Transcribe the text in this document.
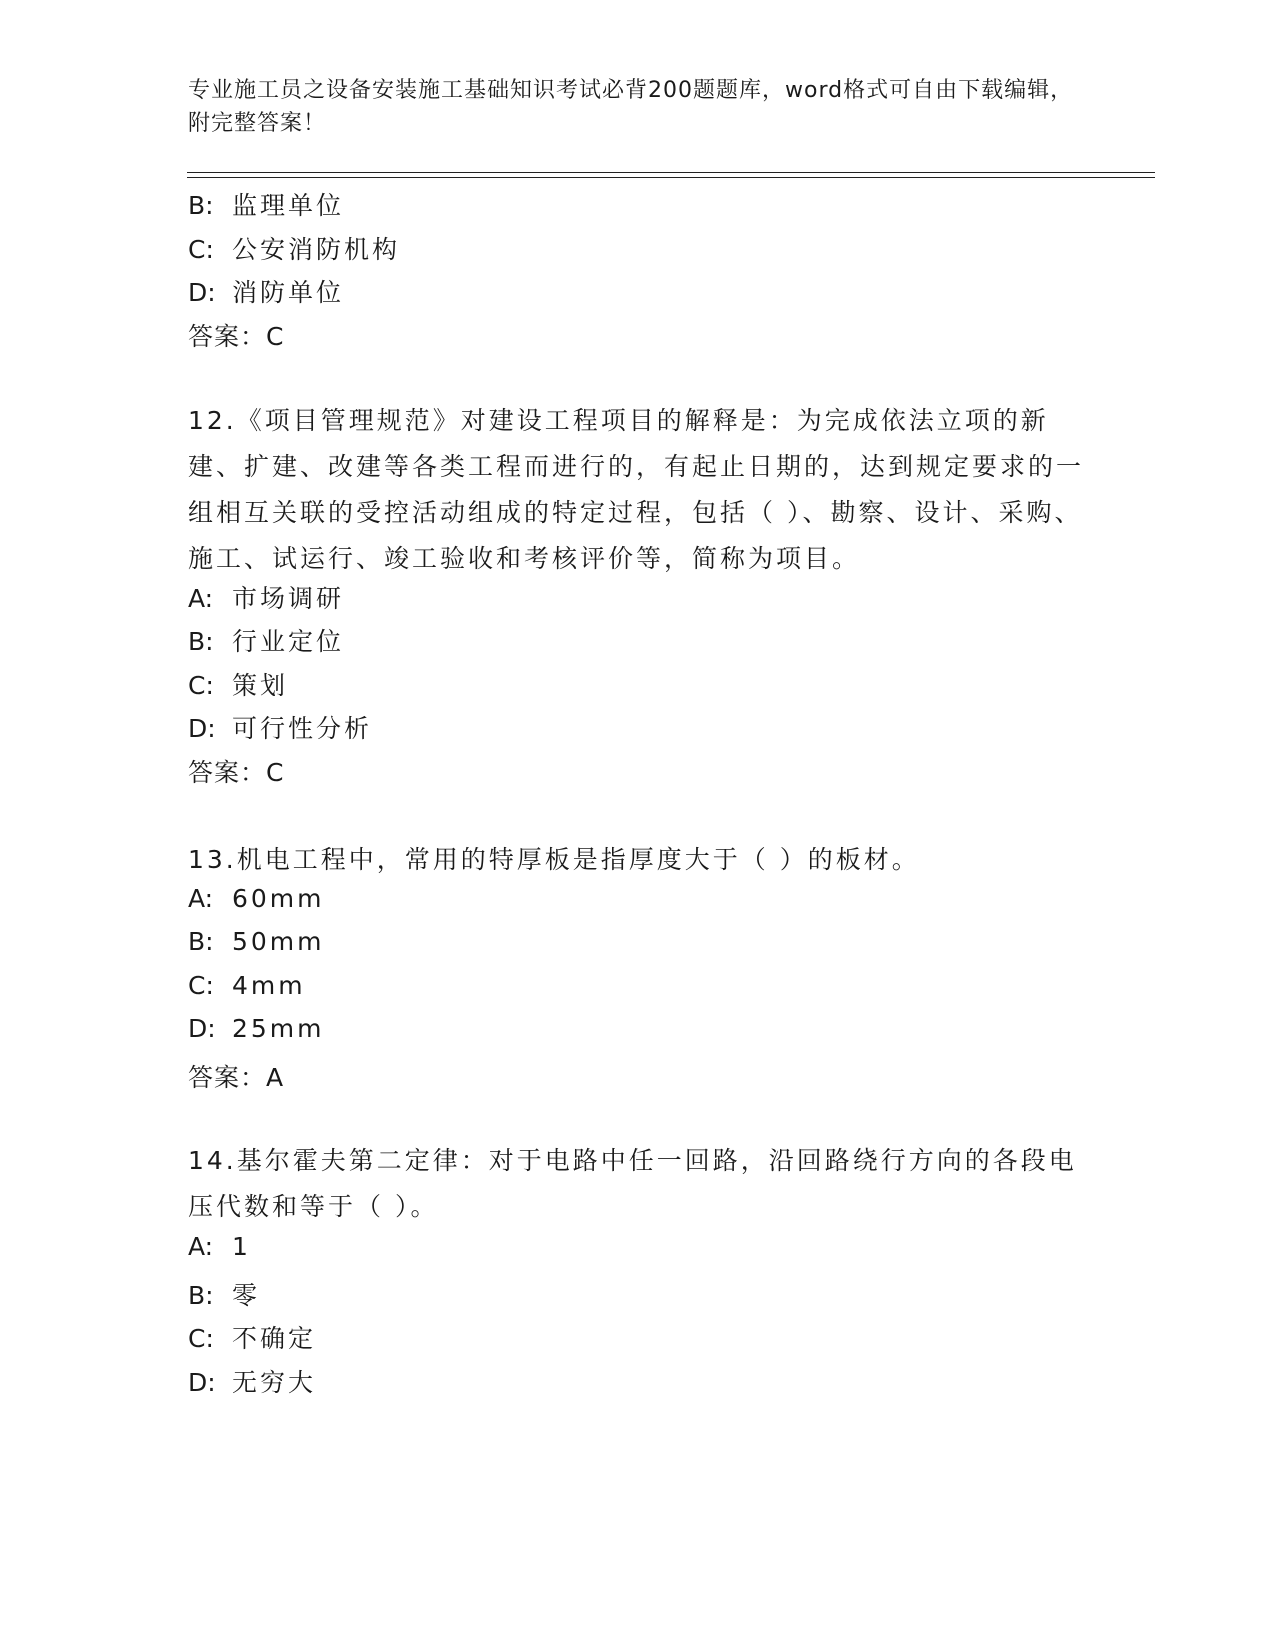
专业施工员之设备安装施工基础知识考试必背200题题库，word格式可自由下载编辑，附完整答案！
B: 监理单位
C: 公安消防机构
D: 消防单位
答案：C
12.《项目管理规范》对建设工程项目的解释是：为完成依法立项的新建、扩建、改建等各类工程而进行的，有起止日期的，达到规定要求的一组相互关联的受控活动组成的特定过程，包括（ ）、勘察、设计、采购、施工、试运行、竣工验收和考核评价等，简称为项目。
A: 市场调研
B: 行业定位
C: 策划
D: 可行性分析
答案：C
13.机电工程中，常用的特厚板是指厚度大于（ ）的板材。
A: 60mm
B: 50mm
C: 4mm
D: 25mm
答案：A
14.基尔霍夫第二定律：对于电路中任一回路，沿回路绕行方向的各段电压代数和等于（ ）。
A: 1
B: 零
C: 不确定
D: 无穷大
